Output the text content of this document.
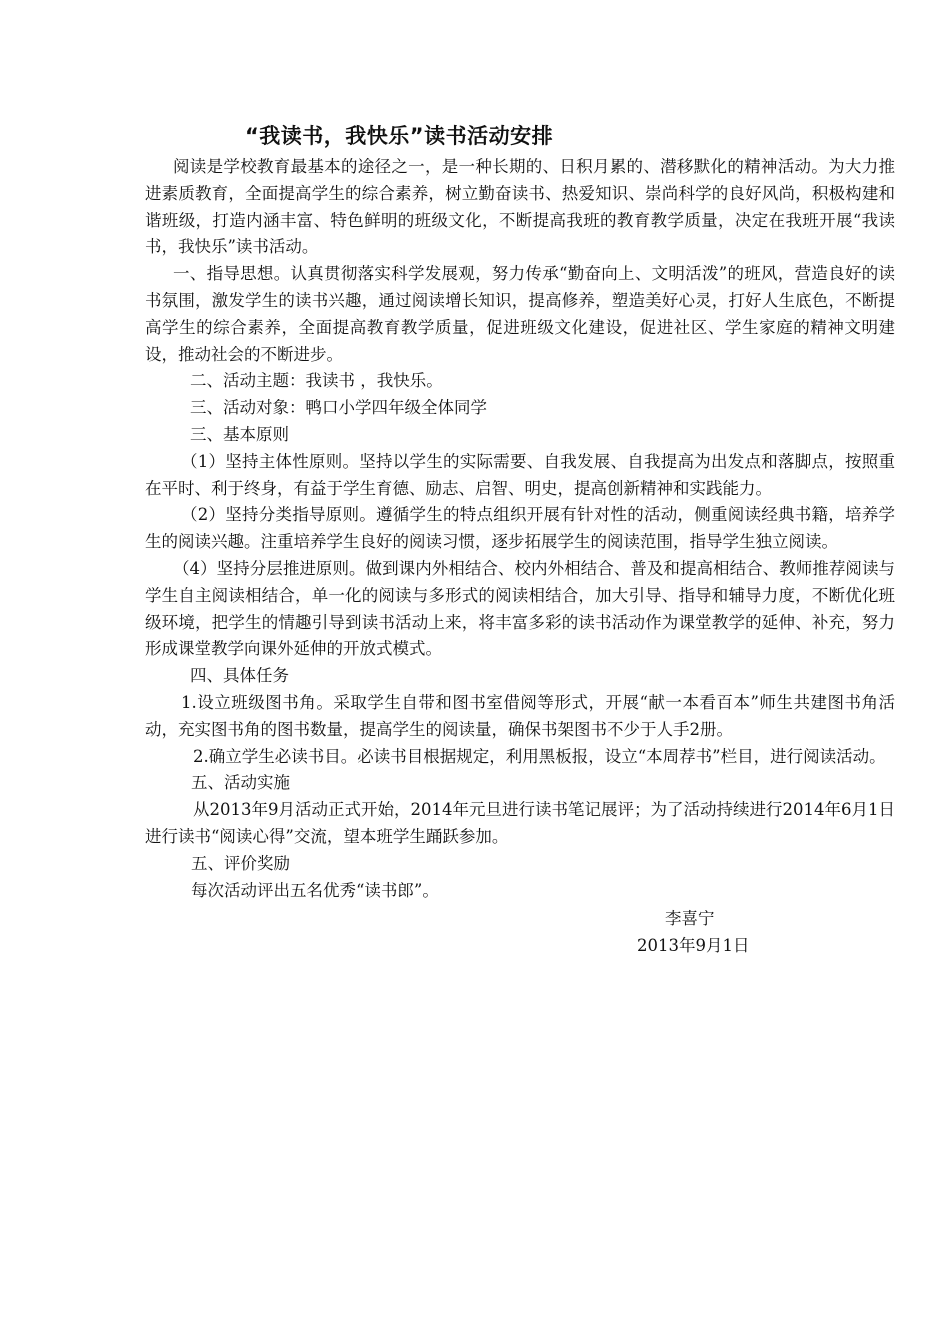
“我读书，我快乐”读书活动安排

阅读是学校教育最基本的途径之一，是一种长期的、日积月累的、潜移默化的精神活动。为大力推进素质教育，全面提高学生的综合素养，树立勤奋读书、热爱知识、崇尚科学的良好风尚，积极构建和谐班级，打造内涵丰富、特色鲜明的班级文化，不断提高我班的教育教学质量，决定在我班开展“我读书，我快乐”读书活动。

一、指导思想。认真贯彻落实科学发展观，努力传承“勤奋向上、文明活泼”的班风，营造良好的读书氛围，激发学生的读书兴趣，通过阅读增长知识，提高修养，塑造美好心灵，打好人生底色，不断提高学生的综合素养，全面提高教育教学质量，促进班级文化建设，促进社区、学生家庭的精神文明建设，推动社会的不断进步。

二、活动主题：我读书 ，我快乐。

三、活动对象：鸭口小学四年级全体同学

三、基本原则

（1）坚持主体性原则。坚持以学生的实际需要、自我发展、自我提高为出发点和落脚点，按照重在平时、利于终身，有益于学生育德、励志、启智、明史，提高创新精神和实践能力。

（2）坚持分类指导原则。遵循学生的特点组织开展有针对性的活动，侧重阅读经典书籍，培养学生的阅读兴趣。注重培养学生良好的阅读习惯，逐步拓展学生的阅读范围，指导学生独立阅读。

（4）坚持分层推进原则。做到课内外相结合、校内外相结合、普及和提高相结合、教师推荐阅读与学生自主阅读相结合，单一化的阅读与多形式的阅读相结合，加大引导、指导和辅导力度，不断优化班级环境，把学生的情趣引导到读书活动上来，将丰富多彩的读书活动作为课堂教学的延伸、补充，努力形成课堂教学向课外延伸的开放式模式。

四、具体任务

1.设立班级图书角。采取学生自带和图书室借阅等形式，开展“献一本看百本”师生共建图书角活动，充实图书角的图书数量，提高学生的阅读量，确保书架图书不少于人手2册。

2.确立学生必读书目。必读书目根据规定，利用黑板报，设立“本周荐书”栏目，进行阅读活动。

五、活动实施

从2013年9月活动正式开始，2014年元旦进行读书笔记展评；为了活动持续进行2014年6月1日进行读书“阅读心得”交流，望本班学生踊跃参加。

五、评价奖励

每次活动评出五名优秀“读书郎”。

李喜宁

2013年9月1日
